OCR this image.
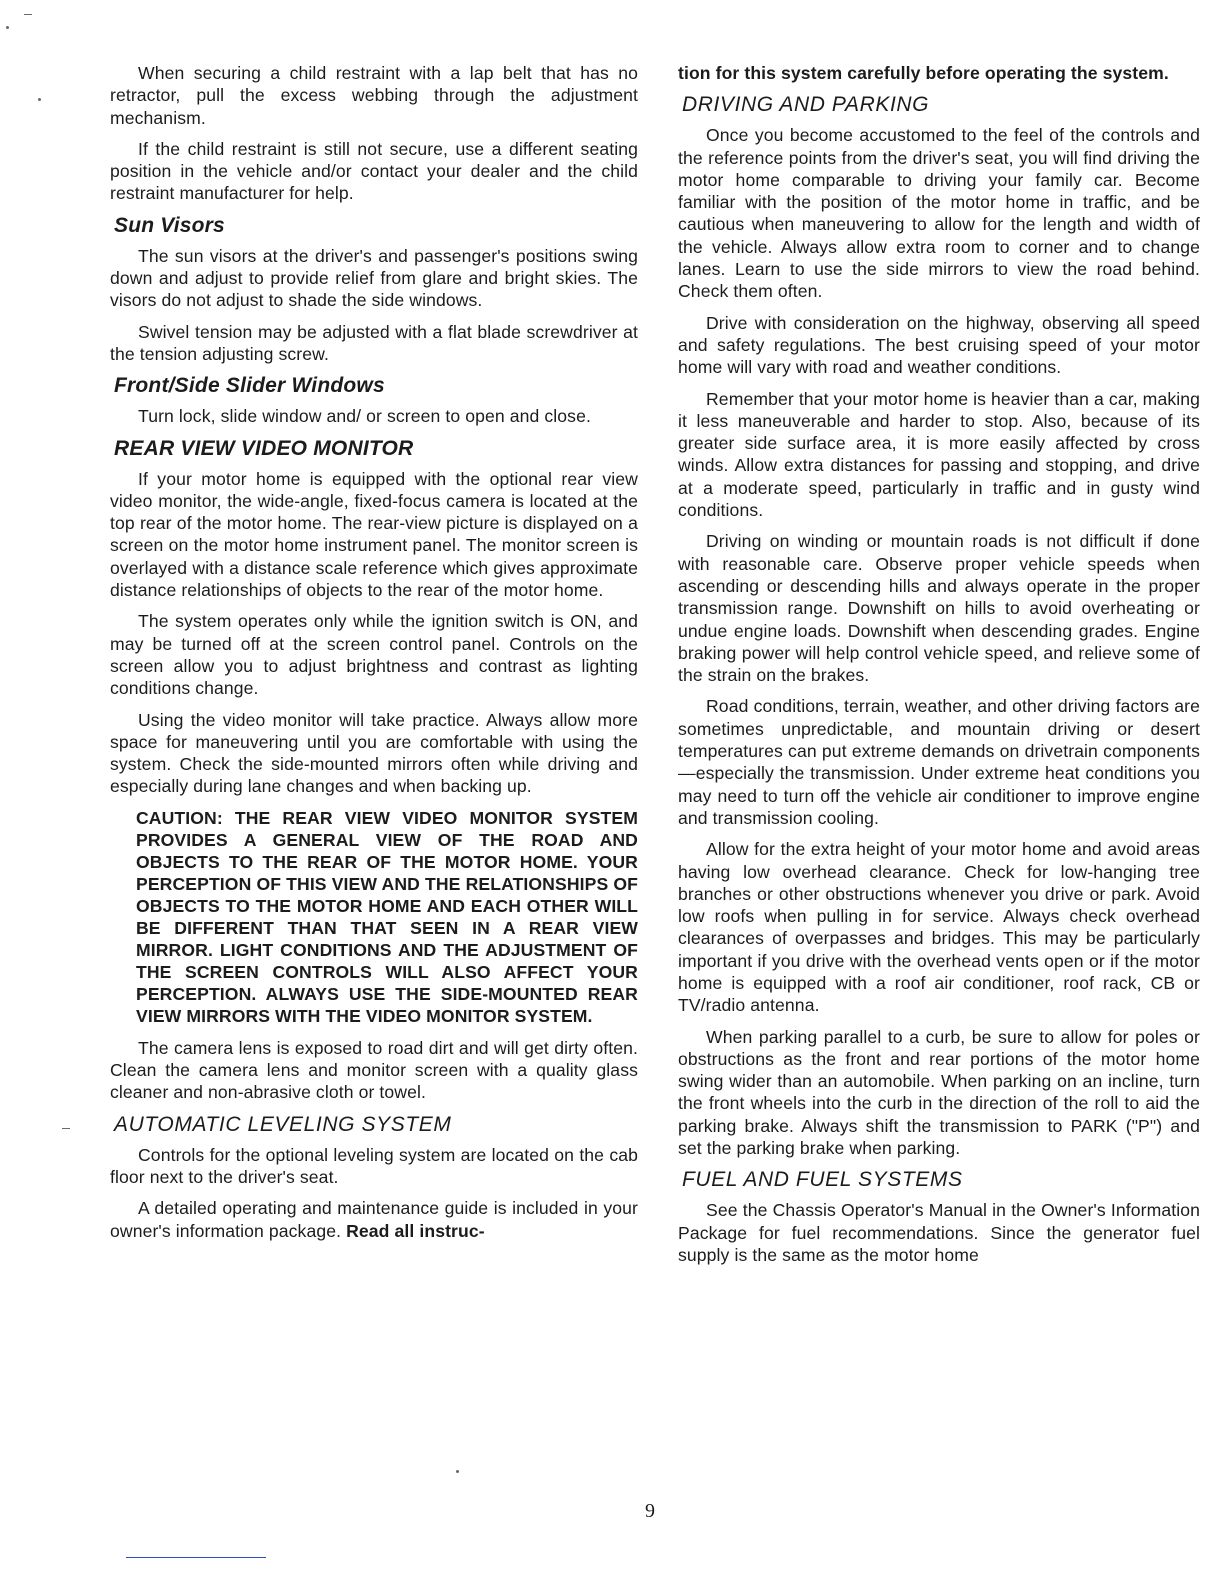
When securing a child restraint with a lap belt that has no retractor, pull the excess webbing through the adjustment mechanism.

If the child restraint is still not secure, use a different seating position in the vehicle and/or contact your dealer and the child restraint manufacturer for help.

Sun Visors

The sun visors at the driver's and passenger's positions swing down and adjust to provide relief from glare and bright skies. The visors do not adjust to shade the side windows.

Swivel tension may be adjusted with a flat blade screwdriver at the tension adjusting screw.

Front/Side Slider Windows

Turn lock, slide window and/ or screen to open and close.

REAR VIEW VIDEO MONITOR

If your motor home is equipped with the optional rear view video monitor, the wide-angle, fixed-focus camera is located at the top rear of the motor home. The rear-view picture is displayed on a screen on the motor home instrument panel. The monitor screen is overlayed with a distance scale reference which gives approximate distance relationships of objects to the rear of the motor home.

The system operates only while the ignition switch is ON, and may be turned off at the screen control panel. Controls on the screen allow you to adjust brightness and contrast as lighting conditions change.

Using the video monitor will take practice. Always allow more space for maneuvering until you are comfortable with using the system. Check the side-mounted mirrors often while driving and especially during lane changes and when backing up.

CAUTION: THE REAR VIEW VIDEO MONITOR SYSTEM PROVIDES A GENERAL VIEW OF THE ROAD AND OBJECTS TO THE REAR OF THE MOTOR HOME. YOUR PERCEPTION OF THIS VIEW AND THE RELATIONSHIPS OF OBJECTS TO THE MOTOR HOME AND EACH OTHER WILL BE DIFFERENT THAN THAT SEEN IN A REAR VIEW MIRROR. LIGHT CONDITIONS AND THE ADJUSTMENT OF THE SCREEN CONTROLS WILL ALSO AFFECT YOUR PERCEPTION. ALWAYS USE THE SIDE-MOUNTED REAR VIEW MIRRORS WITH THE VIDEO MONITOR SYSTEM.

The camera lens is exposed to road dirt and will get dirty often. Clean the camera lens and monitor screen with a quality glass cleaner and non-abrasive cloth or towel.

AUTOMATIC LEVELING SYSTEM

Controls for the optional leveling system are located on the cab floor next to the driver's seat.

A detailed operating and maintenance guide is included in your owner's information package. Read all instruc-

tion for this system carefully before operating the system.

DRIVING AND PARKING

Once you become accustomed to the feel of the controls and the reference points from the driver's seat, you will find driving the motor home comparable to driving your family car. Become familiar with the position of the motor home in traffic, and be cautious when maneuvering to allow for the length and width of the vehicle. Always allow extra room to corner and to change lanes. Learn to use the side mirrors to view the road behind. Check them often.

Drive with consideration on the highway, observing all speed and safety regulations. The best cruising speed of your motor home will vary with road and weather conditions.

Remember that your motor home is heavier than a car, making it less maneuverable and harder to stop. Also, because of its greater side surface area, it is more easily affected by cross winds. Allow extra distances for passing and stopping, and drive at a moderate speed, particularly in traffic and in gusty wind conditions.

Driving on winding or mountain roads is not difficult if done with reasonable care. Observe proper vehicle speeds when ascending or descending hills and always operate in the proper transmission range. Downshift on hills to avoid overheating or undue engine loads. Downshift when descending grades. Engine braking power will help control vehicle speed, and relieve some of the strain on the brakes.

Road conditions, terrain, weather, and other driving factors are sometimes unpredictable, and mountain driving or desert temperatures can put extreme demands on drivetrain components—especially the transmission. Under extreme heat conditions you may need to turn off the vehicle air conditioner to improve engine and transmission cooling.

Allow for the extra height of your motor home and avoid areas having low overhead clearance. Check for low-hanging tree branches or other obstructions whenever you drive or park. Avoid low roofs when pulling in for service. Always check overhead clearances of overpasses and bridges. This may be particularly important if you drive with the overhead vents open or if the motor home is equipped with a roof air conditioner, roof rack, CB or TV/radio antenna.

When parking parallel to a curb, be sure to allow for poles or obstructions as the front and rear portions of the motor home swing wider than an automobile. When parking on an incline, turn the front wheels into the curb in the direction of the roll to aid the parking brake. Always shift the transmission to PARK ("P") and set the parking brake when parking.

FUEL AND FUEL SYSTEMS

See the Chassis Operator's Manual in the Owner's Information Package for fuel recommendations. Since the generator fuel supply is the same as the motor home

9
